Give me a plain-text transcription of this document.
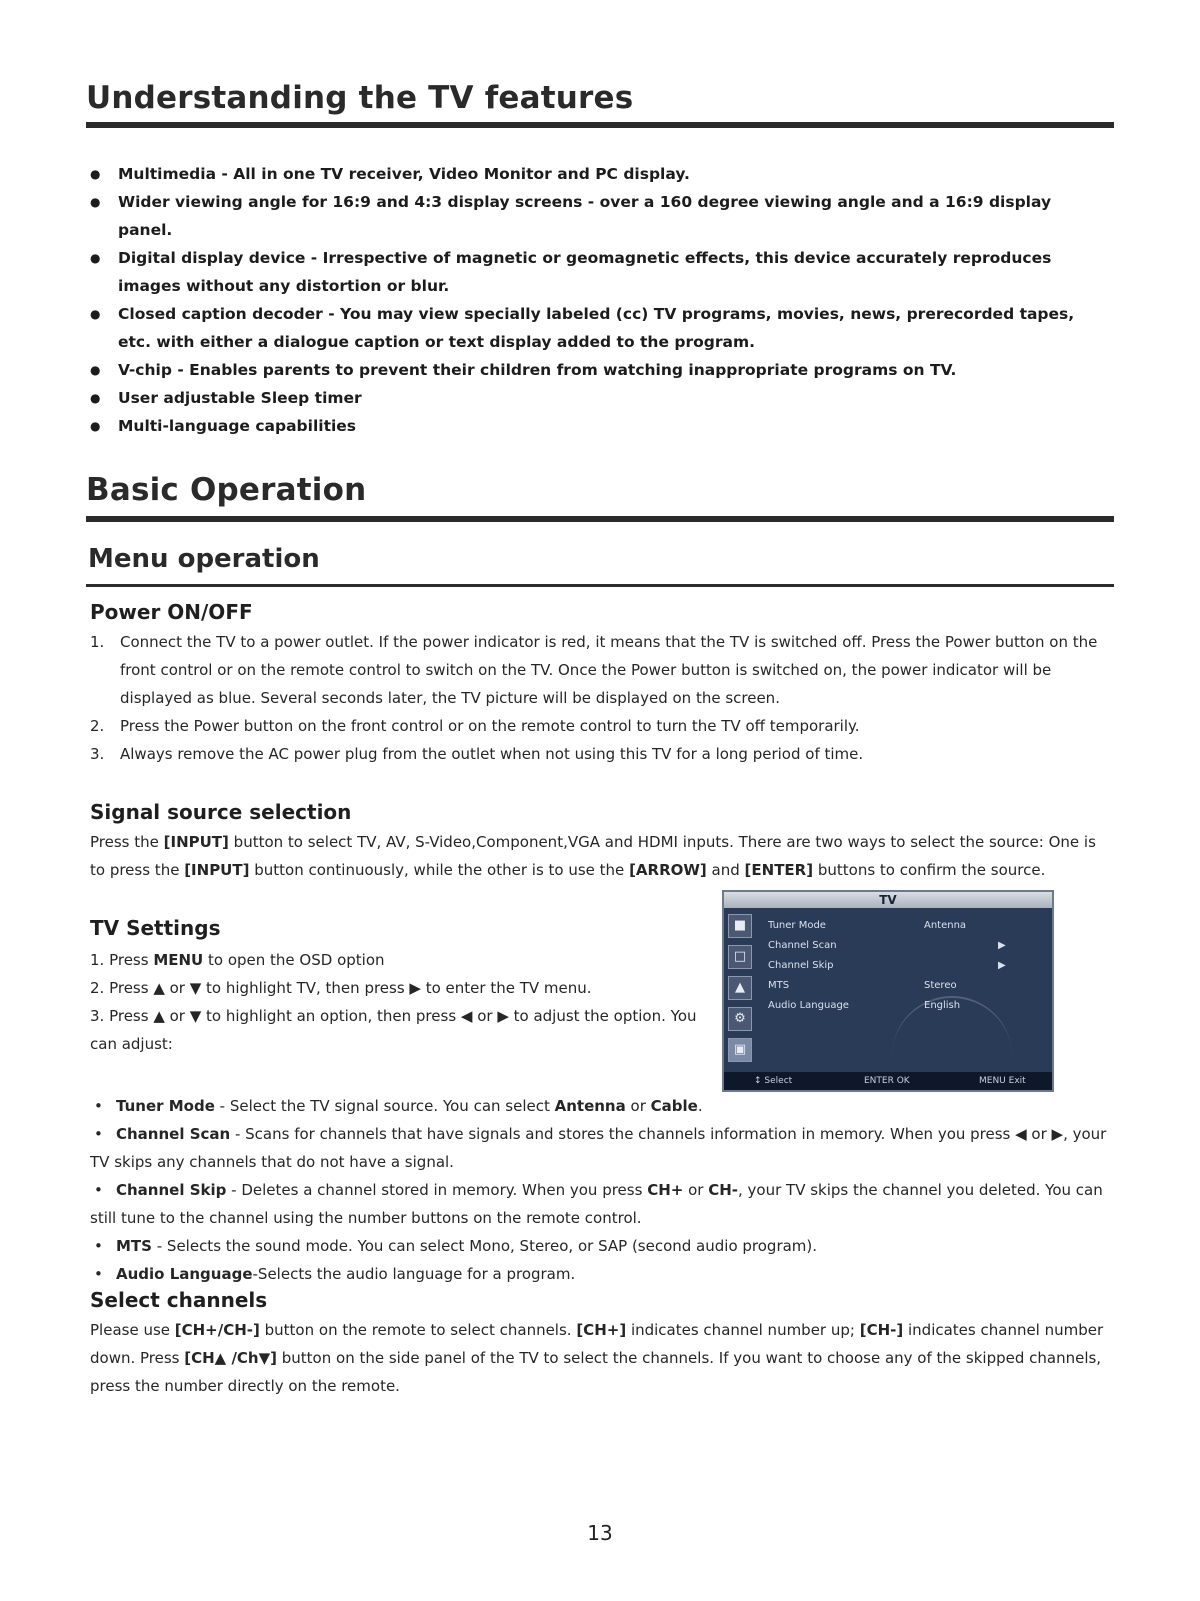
Understanding the TV features
● Multimedia - All in one TV receiver, Video Monitor and PC display.
● Wider viewing angle for 16:9 and 4:3 display screens - over a 160 degree viewing angle and a 16:9 display panel.
● Digital display device - Irrespective of magnetic or geomagnetic effects, this device accurately reproduces images without any distortion or blur.
● Closed caption decoder - You may view specially labeled (cc) TV programs, movies, news, prerecorded tapes, etc. with either a dialogue caption or text display added to the program.
● V-chip - Enables parents to prevent their children from watching inappropriate programs on TV.
● User adjustable Sleep timer
● Multi-language capabilities
Basic Operation
Menu operation
Power ON/OFF
1. Connect the TV to a power outlet. If the power indicator is red, it means that the TV is switched off. Press the Power button on the front control or on the remote control to switch on the TV. Once the Power button is switched on, the power indicator will be displayed as blue. Several seconds later, the TV picture will be displayed on the screen.
2. Press the Power button on the front control or on the remote control to turn the TV off temporarily.
3. Always remove the AC power plug from the outlet when not using this TV for a long period of time.
Signal source selection

Press the [INPUT] button to select TV, AV, S-Video,Component,VGA and HDMI inputs. There are two ways to select the source: One is to press the [INPUT] button continuously, while the other is to use the [ARROW] and [ENTER] buttons to confirm the source.

TV Settings
1. Press MENU to open the OSD option
2. Press ▲ or ▼ to highlight TV, then press ▶ to enter the TV menu.
3. Press ▲ or ▼ to highlight an option, then press ◀ or ▶ to adjust the option. You can adjust:
TV
■
□
▲
⚙
▣
Tuner Mode	Antenna
Channel Scan	▶
Channel Skip	▶
MTS	Stereo
Audio Language	English
↕ Select	ENTER OK	MENU Exit
• Tuner Mode - Select the TV signal source. You can select Antenna or Cable.
• Channel Scan - Scans for channels that have signals and stores the channels information in memory. When you press ◀ or ▶, your TV skips any channels that do not have a signal.
• Channel Skip - Deletes a channel stored in memory. When you press CH+ or CH-, your TV skips the channel you deleted. You can still tune to the channel using the number buttons on the remote control.
• MTS - Selects the sound mode. You can select Mono, Stereo, or SAP (second audio program).
• Audio Language-Selects the audio language for a program.
Select channels

Please use [CH+/CH-] button on the remote to select channels. [CH+] indicates channel number up; [CH-] indicates channel number down. Press [CH▲ /Ch▼] button on the side panel of the TV to select the channels. If you want to choose any of the skipped channels, press the number directly on the remote.

13
